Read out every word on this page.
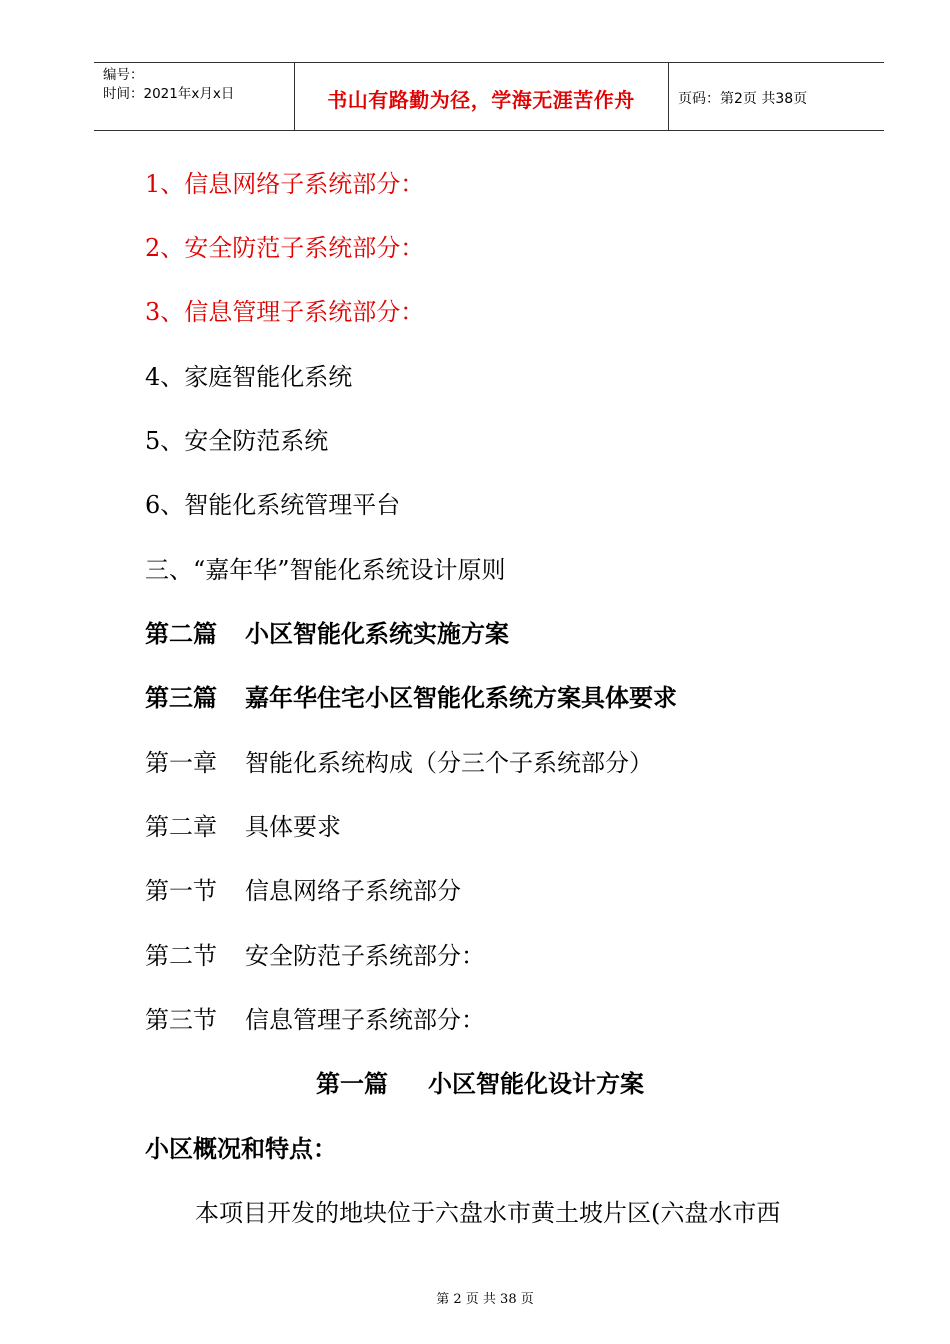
编号：
时间：2021年x月x日	书山有路勤为径，学海无涯苦作舟	页码：第2页 共38页
1、信息网络子系统部分：
2、安全防范子系统部分：
3、信息管理子系统部分：
4、家庭智能化系统
5、安全防范系统
6、智能化系统管理平台
三、“嘉年华”智能化系统设计原则
第二篇 小区智能化系统实施方案
第三篇 嘉年华住宅小区智能化系统方案具体要求
第一章 智能化系统构成（分三个子系统部分）
第二章 具体要求
第一节 信息网络子系统部分
第二节 安全防范子系统部分：
第三节 信息管理子系统部分：
第一篇 小区智能化设计方案
小区概况和特点：
本项目开发的地块位于六盘水市黄土坡片区(六盘水市西
第 2 页 共 38 页
